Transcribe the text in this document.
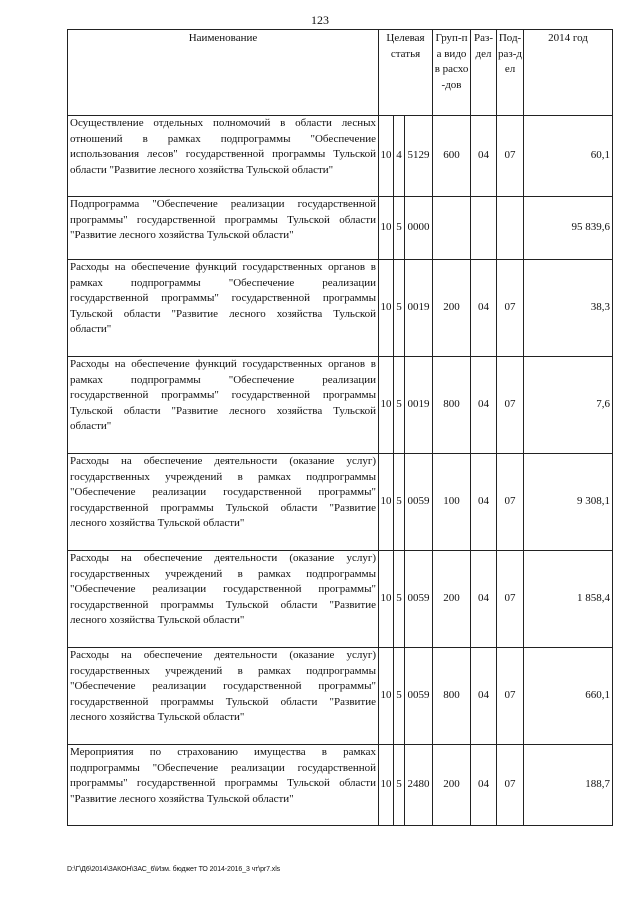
123
Наименование	Целевая статья			Груп-па видов расхо-дов	Раз-дел	Под-раз-дел	2014 год
Осуществление отдельных полномочий в области лесных отношений в рамках подпрограммы "Обеспечение использования лесов" государственной программы Тульской области "Развитие лесного хозяйства Тульской области"	10	4	5129	600	04	07	60,1
Подпрограмма "Обеспечение реализации государственной программы" государственной программы Тульской области "Развитие лесного хозяйства Тульской области"	10	5	0000				95 839,6
Расходы на обеспечение функций государственных органов в рамках подпрограммы "Обеспечение реализации государственной программы" государственной программы Тульской области "Развитие лесного хозяйства Тульской области"	10	5	0019	200	04	07	38,3
Расходы на обеспечение функций государственных органов в рамках подпрограммы "Обеспечение реализации государственной программы" государственной программы Тульской области "Развитие лесного хозяйства Тульской области"	10	5	0019	800	04	07	7,6
Расходы на обеспечение деятельности (оказание услуг) государственных учреждений в рамках подпрограммы "Обеспечение реализации государственной программы" государственной программы Тульской области "Развитие лесного хозяйства Тульской области"	10	5	0059	100	04	07	9 308,1
Расходы на обеспечение деятельности (оказание услуг) государственных учреждений в рамках подпрограммы "Обеспечение реализации государственной программы" государственной программы Тульской области "Развитие лесного хозяйства Тульской области"	10	5	0059	200	04	07	1 858,4
Расходы на обеспечение деятельности (оказание услуг) государственных учреждений в рамках подпрограммы "Обеспечение реализации государственной программы" государственной программы Тульской области "Развитие лесного хозяйства Тульской области"	10	5	0059	800	04	07	660,1
Мероприятия по страхованию имущества в рамках подпрограммы "Обеспечение реализации государственной программы" государственной программы Тульской области "Развитие лесного хозяйства Тульской области"	10	5	2480	200	04	07	188,7
D:\Г\Д6\2014\ЗАКОН\ЗАС_6\Изм. бюджет ТО 2014-2016_3 чт\pr7.xls
